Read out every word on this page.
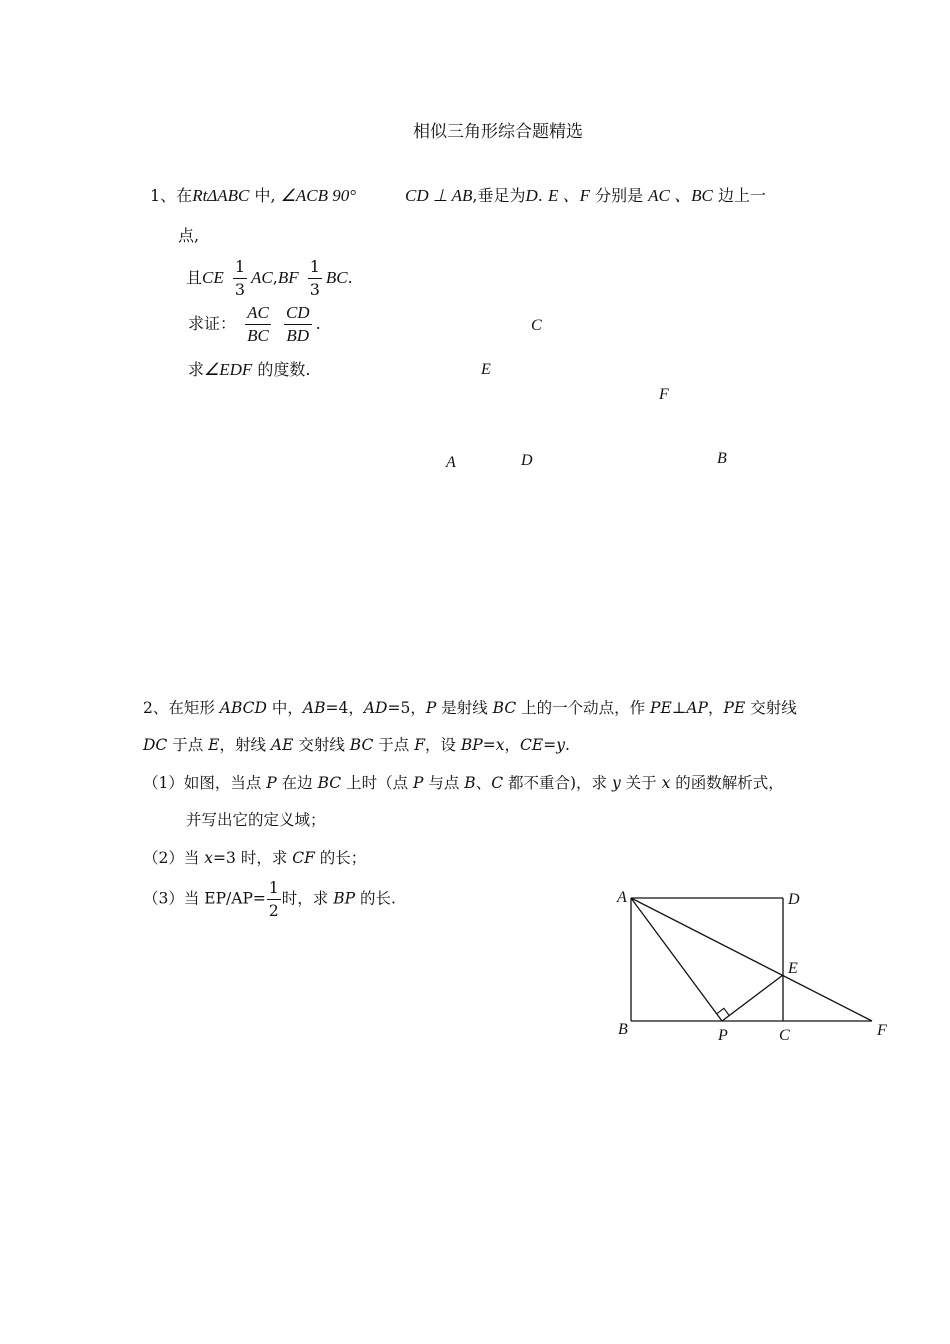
相似三角形综合题精选
1、在RtΔABC 中, ∠ACB 90°	CD ⊥ AB,垂足为D. E 、F 分别是 AC 、BC 边上一
点,
且CE $\frac{1}{3} AC,BF \frac{1}{3}$ BC.
求证： $\frac{AC}{BC}$
$\frac{CD}{BD}$ .
求∠EDF 的度数.
C
E
F
A	D	B
2、在矩形 ABCD 中，AB=4，AD=5，P 是射线 BC 上的一个动点，作 PE⊥AP，PE 交射线
DC 于点 E，射线 AE 交射线 BC 于点 F，设 BP=x，CE=y.
（1）如图，当点 P 在边 BC 上时（点 P 与点 B、C 都不重合)，求 y 关于 x 的函数解析式，
并写出它的定义域；
（2）当 x=3 时，求 CF 的长；
（3）当 $EP/AP= \frac{1}{2}$ 时，求 BP 的长.	A	D
E
B	P	C	F
